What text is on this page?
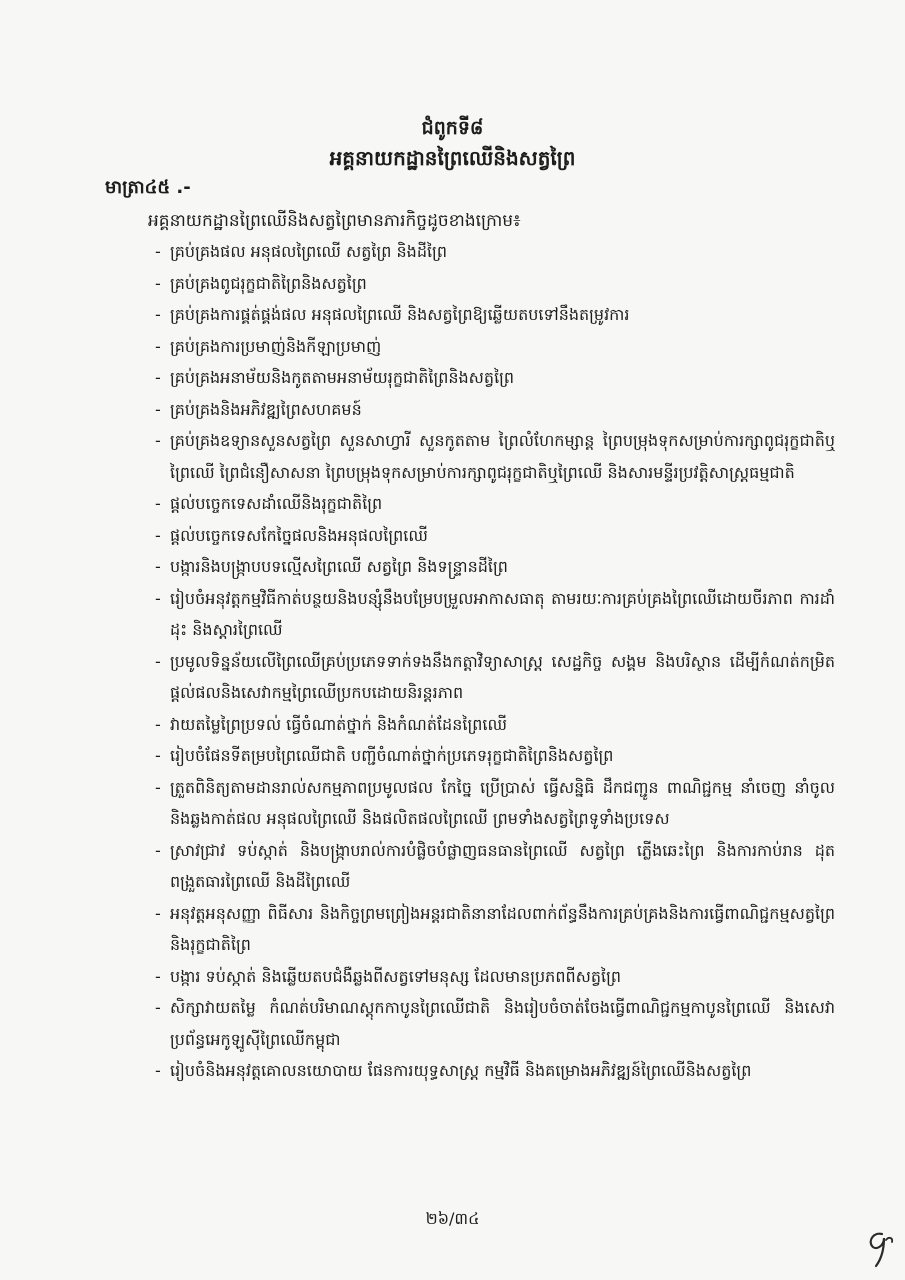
ជំពូកទី៨
អគ្គនាយកដ្ឋានព្រៃឈើនិងសត្វព្រៃ
មាត្រា៤៥ .-
អគ្គនាយកដ្ឋានព្រៃឈើនិងសត្វព្រៃមានភារកិច្ចដូចខាងក្រោម៖
- គ្រប់គ្រងផល អនុផលព្រៃឈើ សត្វព្រៃ និងដីព្រៃ
- គ្រប់គ្រងពូជរុក្ខជាតិព្រៃនិងសត្វព្រៃ
- គ្រប់គ្រងការផ្គត់ផ្គង់ផល អនុផលព្រៃឈើ និងសត្វព្រៃឱ្យឆ្លើយតបទៅនឹងតម្រូវការ
- គ្រប់គ្រងការប្រមាញ់និងកីឡាប្រមាញ់
- គ្រប់គ្រងអនាម័យនិងកូតតាមអនាម័យរុក្ខជាតិព្រៃនិងសត្វព្រៃ
- គ្រប់គ្រងនិងអភិវឌ្ឍព្រៃសហគមន៍
- គ្រប់គ្រងឧទ្យានសួនសត្វព្រៃ សួនសាហ្វារី សួនកូតតាម ព្រៃលំហែកម្សាន្ត ព្រៃបម្រុងទុកសម្រាប់ការក្សាពូជរុក្ខជាតិឬព្រៃឈើ ព្រៃជំនឿសាសនា ព្រៃបម្រុងទុកសម្រាប់ការក្សាពូជរុក្ខជាតិឬព្រៃឈើ និងសារមន្ទីរប្រវត្តិសាស្ត្រធម្មជាតិ
- ផ្តល់បច្ចេកទេសដាំឈើនិងរុក្ខជាតិព្រៃ
- ផ្តល់បច្ចេកទេសកែច្នៃផលនិងអនុផលព្រៃឈើ
- បង្ការនិងបង្រ្កាបបទល្មើសព្រៃឈើ សត្វព្រៃ និងទន្ទ្រានដីព្រៃ
- រៀបចំអនុវត្តកម្មវិធីកាត់បន្ថយនិងបន្សុំនឹងបម្រែបម្រួលអាកាសធាតុ តាមរយៈការគ្រប់គ្រងព្រៃឈើដោយចីរភាព ការដាំដុះ និងស្តារព្រៃឈើ
- ប្រមូលទិន្នន័យលើព្រៃឈើគ្រប់ប្រភេទទាក់ទងនឹងកត្តាវិទ្យាសាស្ត្រ សេដ្ឋកិច្ច សង្គម និងបរិស្ថាន ដើម្បីកំណត់កម្រិតផ្តល់ផលនិងសេវាកម្មព្រៃឈើប្រកបដោយនិរន្តរភាព
- វាយតម្លៃព្រៃប្រទល់ ធ្វើចំណាត់ថ្នាក់ និងកំណត់ដែនព្រៃឈើ
- រៀបចំផែនទីតម្របព្រៃឈើជាតិ បញ្ជីចំណាត់ថ្នាក់ប្រភេទរុក្ខជាតិព្រៃនិងសត្វព្រៃ
- ត្រួតពិនិត្យតាមដានរាល់សកម្មភាពប្រមូលផល កែច្នៃ ប្រើប្រាស់ ធ្វើសន្និធិ ដឹកជញ្ជូន ពាណិជ្ជកម្ម នាំចេញ នាំចូល និងឆ្លងកាត់ផល អនុផលព្រៃឈើ និងផលិតផលព្រៃឈើ ព្រមទាំងសត្វព្រៃទូទាំងប្រទេស
- ស្រាវជ្រាវ ទប់ស្កាត់ និងបង្ក្រាបរាល់ការបំផ្លិចបំផ្លាញធនធានព្រៃឈើ សត្វព្រៃ ភ្លើងឆេះព្រៃ និងការកាប់រាន ដុត ពង្រួតធារព្រៃឈើ និងដីព្រៃឈើ
- អនុវត្តអនុសញ្ញា ពិធីសារ និងកិច្ចព្រមព្រៀងអន្តរជាតិនានាដែលពាក់ព័ន្ធនឹងការគ្រប់គ្រងនិងការធ្វើពាណិជ្ជកម្មសត្វព្រៃនិងរុក្ខជាតិព្រៃ
- បង្ការ ទប់ស្កាត់ និងឆ្លើយតបជំងឺឆ្លងពីសត្វទៅមនុស្ស ដែលមានប្រភពពីសត្វព្រៃ
- សិក្សាវាយតម្លៃ កំណត់បរិមាណស្តុកកាបូនព្រៃឈើជាតិ និងរៀបចំចាត់ចែងធ្វើពាណិជ្ជកម្មកាបូនព្រៃឈើ និងសេវាប្រព័ន្ធអេកូឡូស៊ីព្រៃឈើកម្ពុជា
- រៀបចំនិងអនុវត្តគោលនយោបាយ ផែនការយុទ្ធសាស្ត្រ កម្មវិធី និងគម្រោងអភិវឌ្ឍន៍ព្រៃឈើនិងសត្វព្រៃ
២៦/៣៤
